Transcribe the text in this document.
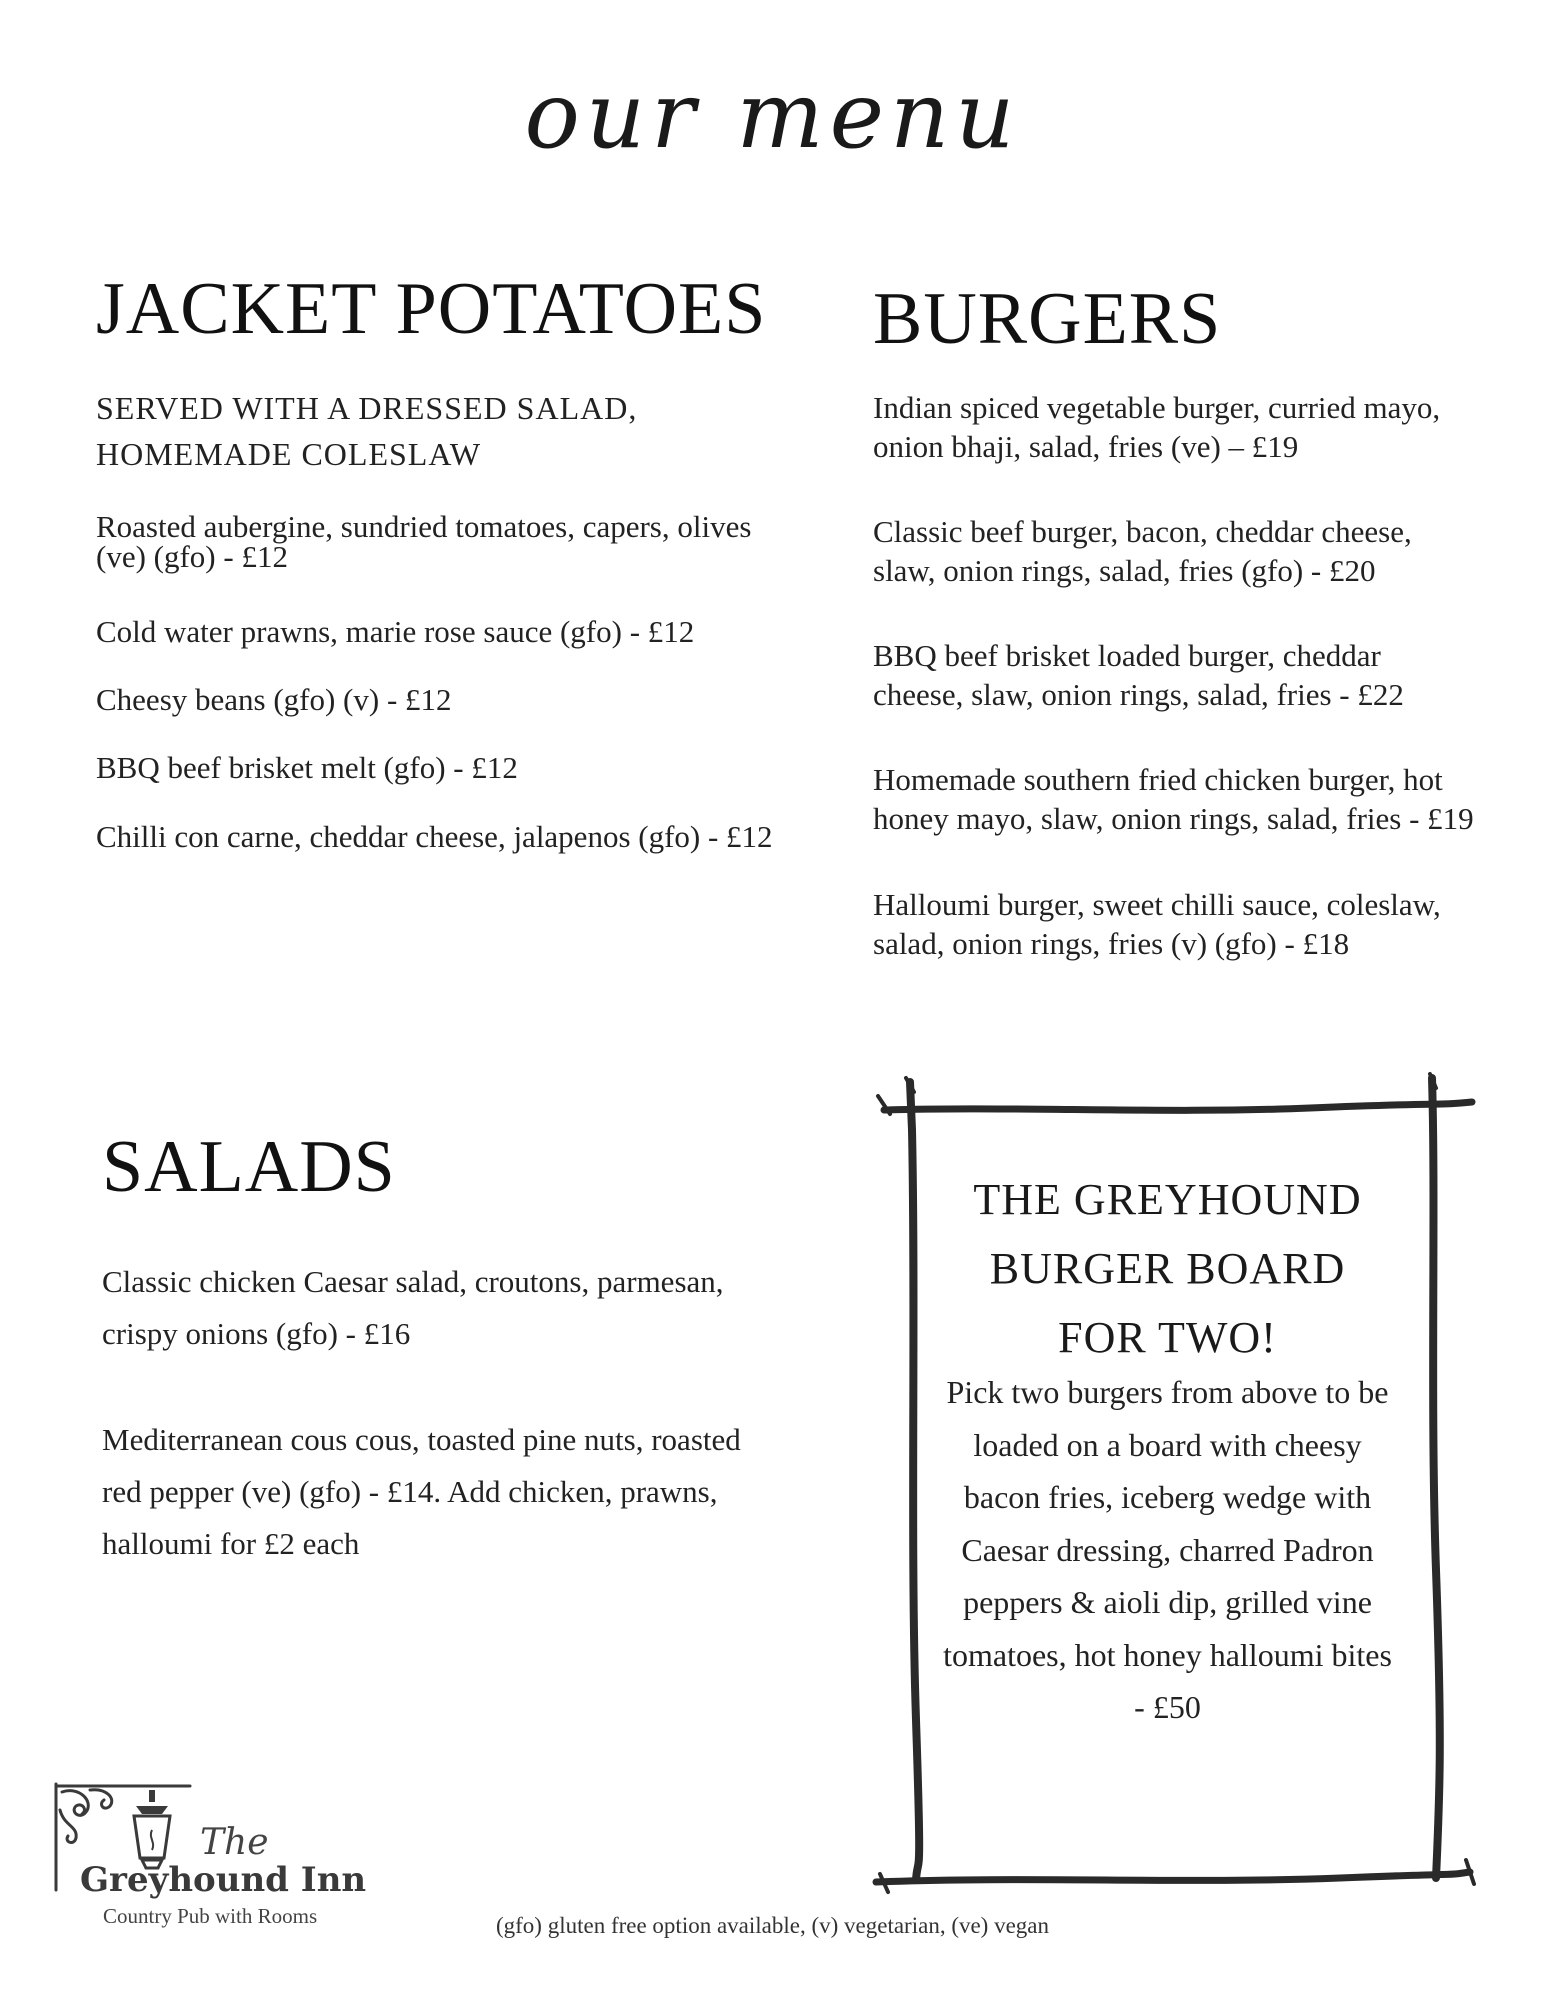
our menu
JACKET POTATOES
SERVED WITH A DRESSED SALAD,
HOMEMADE COLESLAW
Roasted aubergine, sundried tomatoes, capers, olives
(ve) (gfo) - £12
Cold water prawns, marie rose sauce (gfo) - £12
Cheesy beans (gfo) (v) - £12
BBQ beef brisket melt (gfo) - £12
Chilli con carne, cheddar cheese, jalapenos (gfo) - £12
BURGERS
Indian spiced vegetable burger, curried mayo,
onion bhaji, salad, fries (ve) – £19
Classic beef burger, bacon, cheddar cheese,
slaw, onion rings, salad, fries (gfo) - £20
BBQ beef brisket loaded burger, cheddar
cheese, slaw, onion rings, salad, fries - £22
Homemade southern fried chicken burger, hot
honey mayo, slaw, onion rings, salad, fries - £19
Halloumi burger, sweet chilli sauce, coleslaw,
salad, onion rings, fries (v) (gfo) - £18
SALADS
Classic chicken Caesar salad, croutons, parmesan,
crispy onions (gfo) - £16
Mediterranean cous cous, toasted pine nuts, roasted
red pepper (ve) (gfo) - £14. Add chicken, prawns,
halloumi for £2 each
THE GREYHOUND
BURGER BOARD
FOR TWO!
Pick two burgers from above to be
loaded on a board with cheesy
bacon fries, iceberg wedge with
Caesar dressing, charred Padron
peppers & aioli dip, grilled vine
tomatoes, hot honey halloumi bites
- £50
The
Greyhound Inn
Country Pub with Rooms	(gfo) gluten free option available, (v) vegetarian, (ve) vegan
